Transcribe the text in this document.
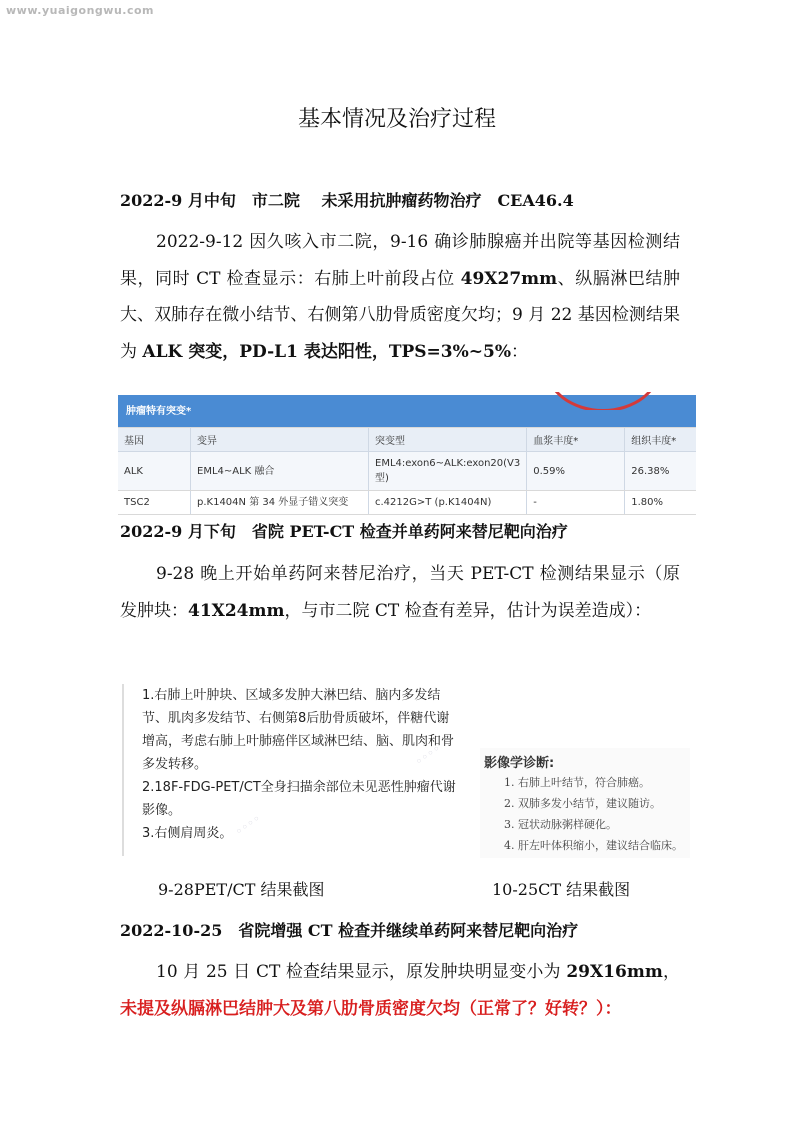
www.yuaigongwu.com
基本情况及治疗过程
2022-9 月中旬　市二院　 未采用抗肿瘤药物治疗　CEA46.4
2022-9-12 因久咳入市二院，9-16 确诊肺腺癌并出院等基因检测结果，同时 CT 检查显示：右肺上叶前段占位 49X27mm、纵膈淋巴结肿大、双肺存在微小结节、右侧第八肋骨质密度欠均；9 月 22 基因检测结果为 ALK 突变，PD-L1 表达阳性，TPS=3%~5%：
肿瘤特有突变*				
基因	变异	突变型	血浆丰度*	组织丰度*
ALK	EML4~ALK 融合	EML4:exon6~ALK:exon20(V3 型)	0.59%	26.38%
TSC2	p.K1404N 第 34 外显子错义突变	c.4212G>T (p.K1404N)	-	1.80%
2022-9 月下旬　省院 PET-CT 检查并单药阿来替尼靶向治疗
9-28 晚上开始单药阿来替尼治疗，当天 PET-CT 检测结果显示（原发肿块：41X24mm，与市二院 CT 检查有差异，估计为误差造成）：

1.右肺上叶肿块、区域多发肿大淋巴结、脑内多发结

节、肌肉多发结节、右侧第8后肋骨质破坏，伴糖代谢

增高，考虑右肺上叶肺癌伴区域淋巴结、脑、肌肉和骨

多发转移。

2.18F-FDG-PET/CT全身扫描余部位未见恶性肿瘤代谢

影像。

3.右侧肩周炎。 ◦◦◦◦
◦◦◦◦	影像学诊断:
1. 右肺上叶结节，符合肺癌。
2. 双肺多发小结节，建议随访。
3. 冠状动脉粥样硬化。
4. 肝左叶体积缩小，建议结合临床。
9-28PET/CT 结果截图	10-25CT 结果截图
2022-10-25　省院增强 CT 检查并继续单药阿来替尼靶向治疗
10 月 25 日 CT 检查结果显示，原发肿块明显变小为 29X16mm，未提及纵膈淋巴结肿大及第八肋骨质密度欠均（正常了？好转？）：
